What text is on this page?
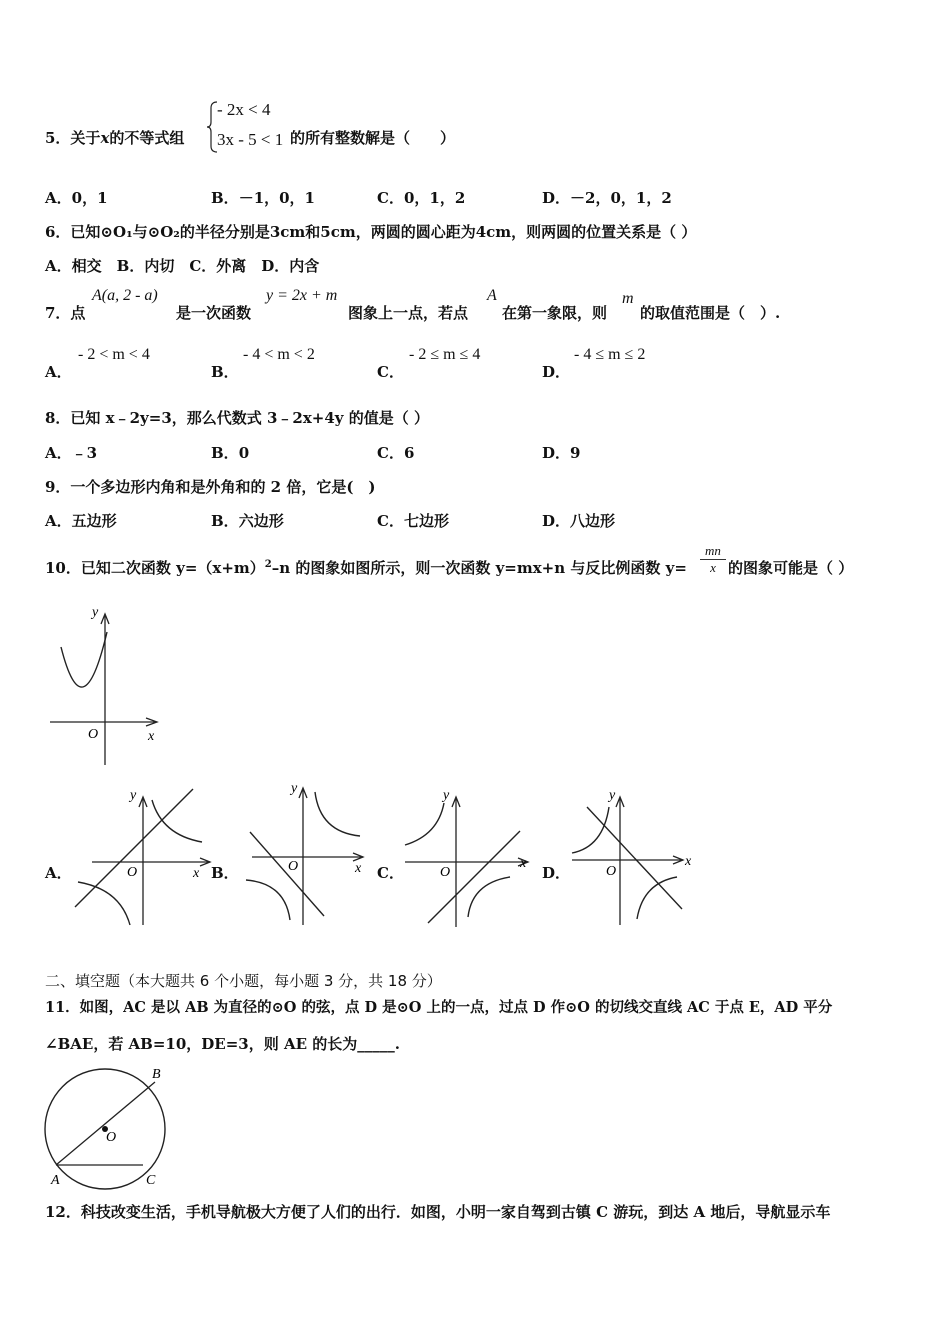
5．关于x的不等式组
- 2x < 4
3x - 5 < 1 的所有整数解是（　　）
A．0，1	B．－1，0，1	C．0，1，2	D．－2，0，1，2
6．已知⊙O₁与⊙O₂的半径分别是3cm和5cm，两圆的圆心距为4cm，则两圆的位置关系是（ ）
A．相交　B．内切　C．外离　D．内含
7．点
A(a, 2 - a)
是一次函数
y = 2x + m
图象上一点，若点
A
在第一象限，则
m
的取值范围是（　）.
A．
- 2 < m < 4
B．
- 4 < m < 2
C．
- 2 ≤ m ≤ 4
D．
- 4 ≤ m ≤ 2
8．已知 x﹣2y=3，那么代数式 3﹣2x+4y 的值是（ ）
A．﹣3	B．0	C．6	D．9
9．一个多边形内角和是外角和的 2 倍，它是(　)
A．五边形	B．六边形	C．七边形	D．八边形
10．已知二次函数 $y=(x+m)^2-n$ 的图象如图所示，则一次函数 y=mx+n 与反比例函数 y=
mn
x 的图象可能是（ ）
y
x
O
A．
y
x
O	B．
y
x
O	C．
y
x
O	D．
y
x
O
二、填空题（本大题共 6 个小题，每小题 3 分，共 18 分）
11．如图，AC 是以 AB 为直径的⊙O 的弦，点 D 是⊙O 上的一点，过点 D 作⊙O 的切线交直线 AC 于点 E，AD 平分
∠BAE，若 AB=10，DE=3，则 AE 的长为_____.
B
O
A	C
12．科技改变生活，手机导航极大方便了人们的出行．如图，小明一家自驾到古镇 C 游玩，到达 A 地后，导航显示车
